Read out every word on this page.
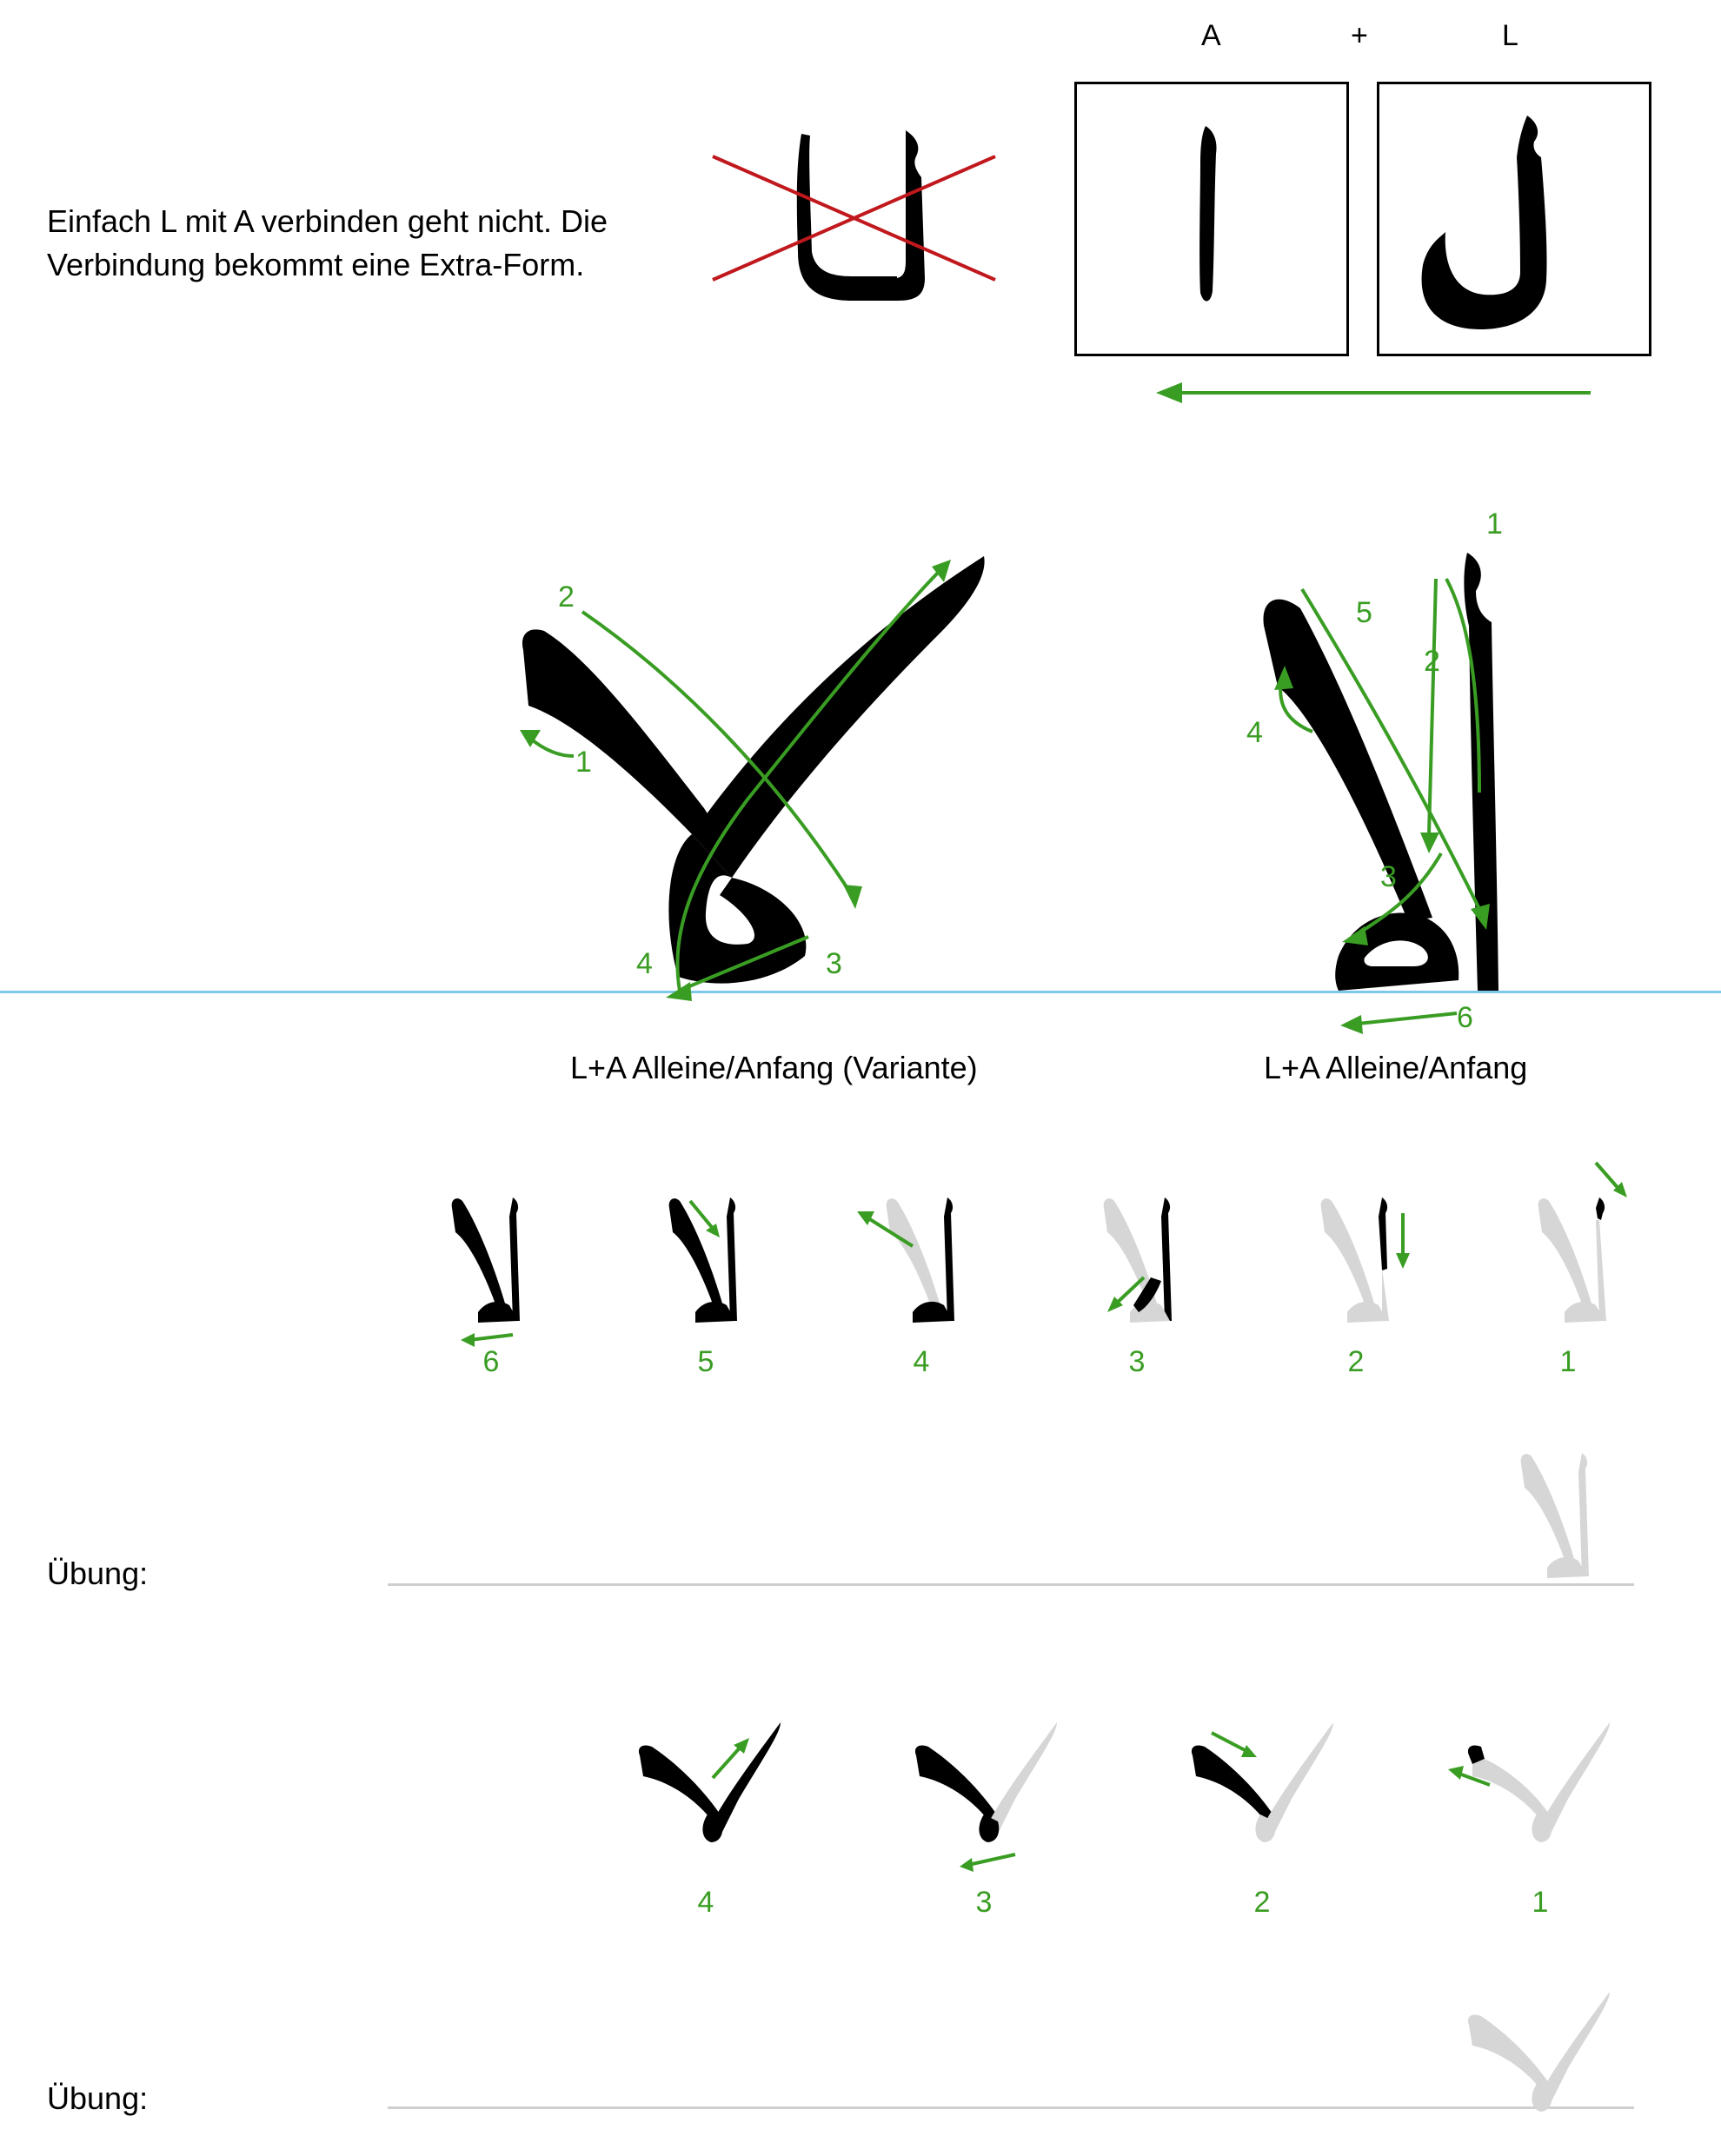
Einfach L mit A verbinden geht nicht. Die
Verbindung bekommt eine Extra-Form.
A	+	L
2
1
4	3
1
5
2
4
3
6
L+A Alleine/Anfang (Variante)	L+A Alleine/Anfang
6	5	4	3	2	1
Übung:
4	3	2	1
Übung:
